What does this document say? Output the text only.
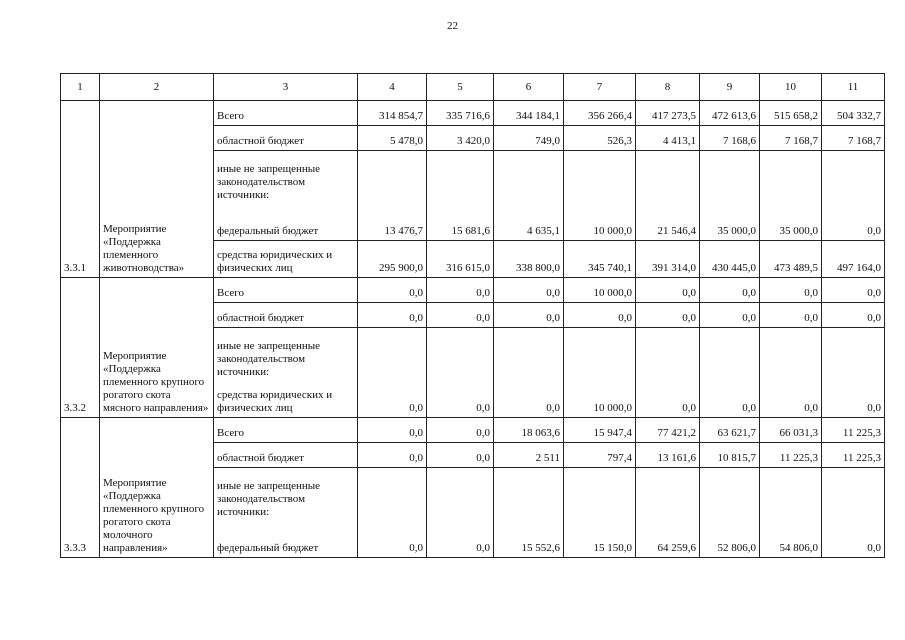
22
1	2	3	4	5	6	7	8	9	10	11
3.3.1	Мероприятие «Поддержка племенного животноводства»	Всего	314 854,7	335 716,6	344 184,1	356 266,4	417 273,5	472 613,6	515 658,2	504 332,7
		областной бюджет	5 478,0	3 420,0	749,0	526,3	4 413,1	7 168,6	7 168,7	7 168,7
		иные не запрещенные законодательством источники:								
		федеральный бюджет	13 476,7	15 681,6	4 635,1	10 000,0	21 546,4	35 000,0	35 000,0	0,0
		средства юридических и физических лиц	295 900,0	316 615,0	338 800,0	345 740,1	391 314,0	430 445,0	473 489,5	497 164,0
3.3.2	Мероприятие «Поддержка племенного крупного рогатого скота мясного направления»	Всего	0,0	0,0	0,0	10 000,0	0,0	0,0	0,0	0,0
		областной бюджет	0,0	0,0	0,0	0,0	0,0	0,0	0,0	0,0
		иные не запрещенные законодательством источники:								
		средства юридических и физических лиц	0,0	0,0	0,0	10 000,0	0,0	0,0	0,0	0,0
3.3.3	Мероприятие «Поддержка племенного крупного рогатого скота молочного направления»	Всего	0,0	0,0	18 063,6	15 947,4	77 421,2	63 621,7	66 031,3	11 225,3
		областной бюджет	0,0	0,0	2 511	797,4	13 161,6	10 815,7	11 225,3	11 225,3
		иные не запрещенные законодательством источники:								
		федеральный бюджет	0,0	0,0	15 552,6	15 150,0	64 259,6	52 806,0	54 806,0	0,0
